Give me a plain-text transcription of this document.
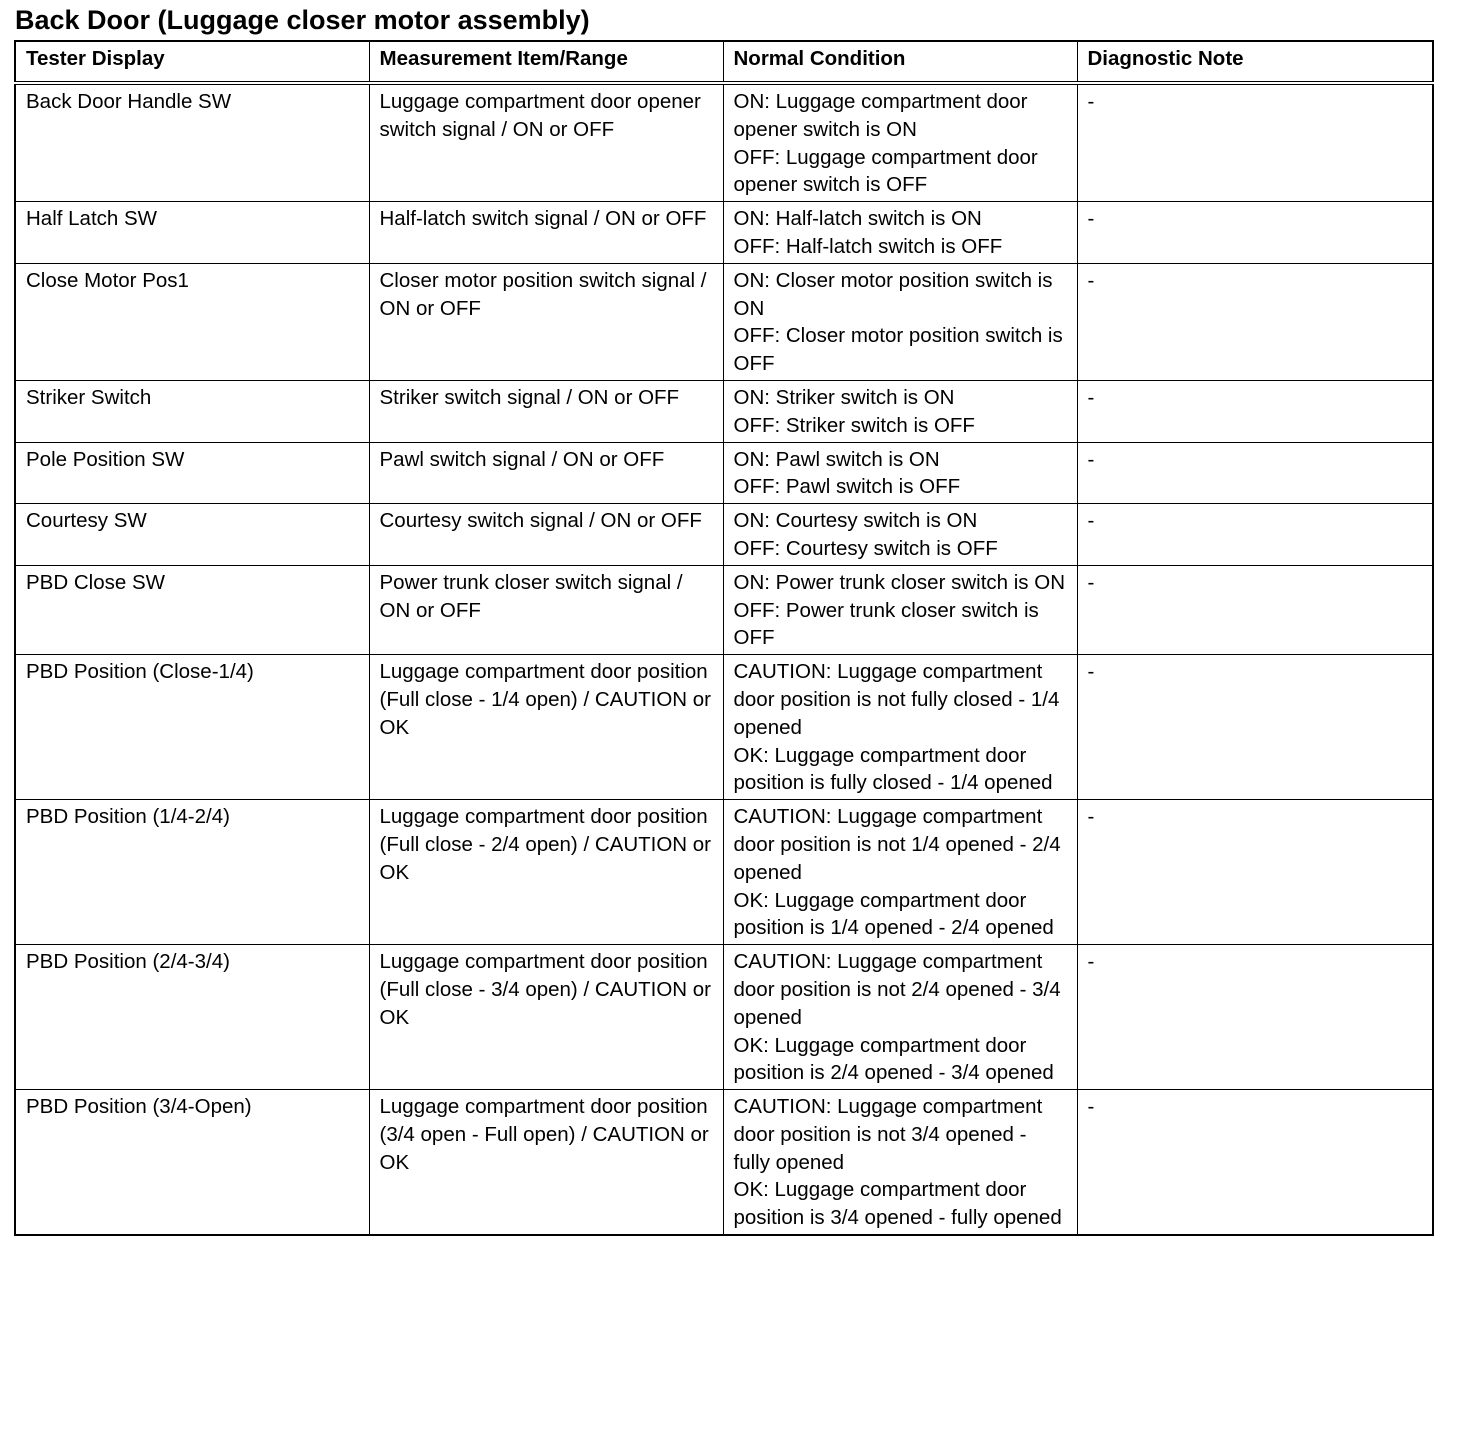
Back Door (Luggage closer motor assembly)
Tester Display	Measurement Item/Range	Normal Condition	Diagnostic Note

Back Door Handle SW	Luggage compartment door opener switch signal / ON or OFF	ON: Luggage compartment door opener switch is ON
OFF: Luggage compartment door opener switch is OFF	-

Half Latch SW	Half-latch switch signal / ON or OFF	ON: Half-latch switch is ON
OFF: Half-latch switch is OFF	-

Close Motor Pos1	Closer motor position switch signal / ON or OFF	ON: Closer motor position switch is ON
OFF: Closer motor position switch is OFF	-

Striker Switch	Striker switch signal / ON or OFF	ON: Striker switch is ON
OFF: Striker switch is OFF	-

Pole Position SW	Pawl switch signal / ON or OFF	ON: Pawl switch is ON
OFF: Pawl switch is OFF	-

Courtesy SW	Courtesy switch signal / ON or OFF	ON: Courtesy switch is ON
OFF: Courtesy switch is OFF	-

PBD Close SW	Power trunk closer switch signal / ON or OFF	ON: Power trunk closer switch is ON
OFF: Power trunk closer switch is OFF	-

PBD Position (Close-1/4)	Luggage compartment door position (Full close - 1/4 open) / CAUTION or OK	CAUTION: Luggage compartment door position is not fully closed - 1/4 opened
OK: Luggage compartment door position is fully closed - 1/4 opened	-

PBD Position (1/4-2/4)	Luggage compartment door position (Full close - 2/4 open) / CAUTION or OK	CAUTION: Luggage compartment door position is not 1/4 opened - 2/4 opened
OK: Luggage compartment door position is 1/4 opened - 2/4 opened	-

PBD Position (2/4-3/4)	Luggage compartment door position (Full close - 3/4 open) / CAUTION or OK	CAUTION: Luggage compartment door position is not 2/4 opened - 3/4 opened
OK: Luggage compartment door position is 2/4 opened - 3/4 opened	-

PBD Position (3/4-Open)	Luggage compartment door position (3/4 open - Full open) / CAUTION or OK	CAUTION: Luggage compartment door position is not 3/4 opened - fully opened
OK: Luggage compartment door position is 3/4 opened - fully opened	-
